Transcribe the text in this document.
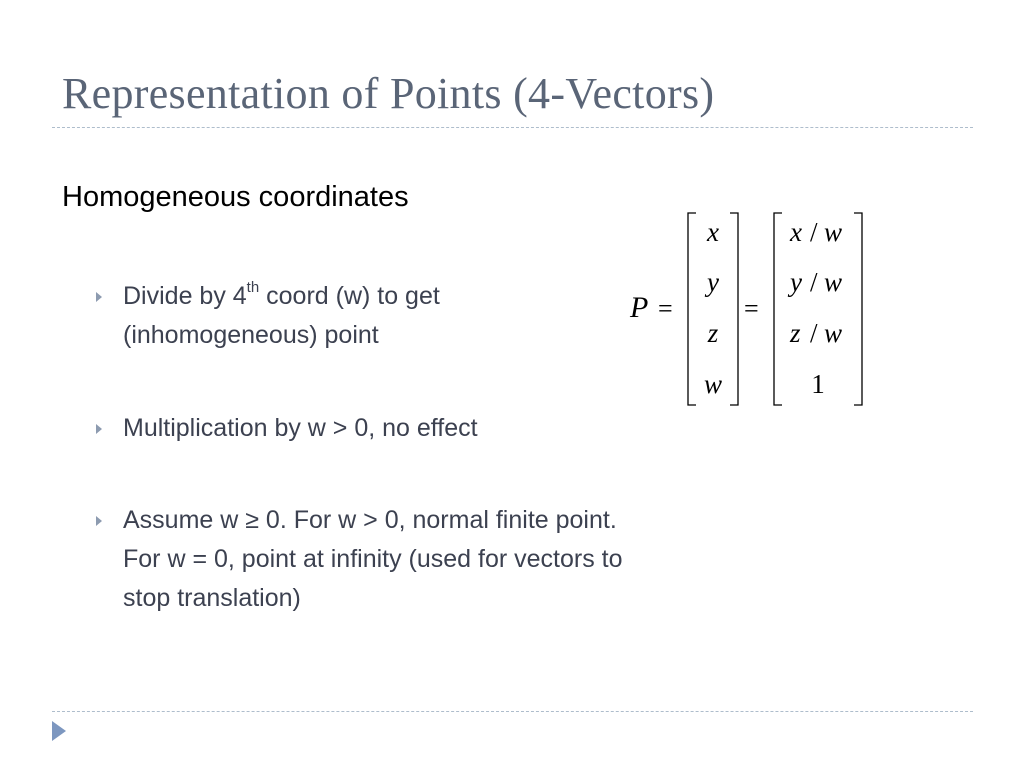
Representation of Points (4-Vectors)
Homogeneous coordinates
Divide by 4th coord (w) to get (inhomogeneous) point
Multiplication by w > 0, no effect
Assume w ≥ 0. For w > 0, normal finite point. For w = 0, point at infinity (used for vectors to stop translation)
P =
x
y
z
w
=
x / w
y / w
z / w
1
